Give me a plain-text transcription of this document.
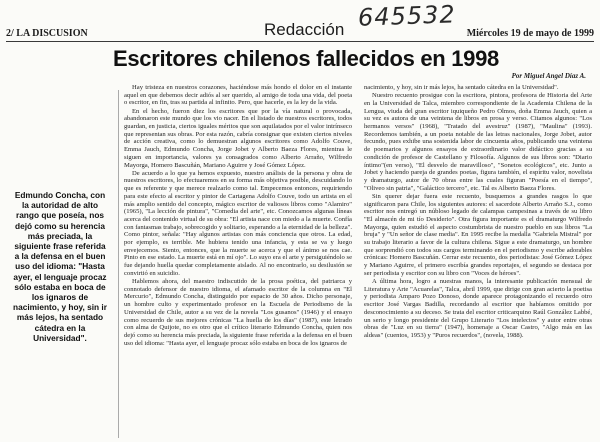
645532
2/ LA DISCUSION	Redacción	Miércoles 19 de mayo de 1999
Escritores chilenos fallecidos en 1998
Por Miguel Angel Díaz A.
Edmundo Concha, con la autoridad de alto rango que poseía, nos dejó como su herencia más preciada, la siguiente frase referida a la defensa en el buen uso del idioma: "Hasta ayer, el lenguaje procaz sólo estaba en boca de los ignaros de nacimiento, y hoy, sin ir más lejos, ha sentado cátedra en la Universidad".

Hay tristeza en nuestros corazones, haciéndose más hondo el dolor en el instante aquel en que debemos decir adiós al ser querido, al amigo de toda una vida, del poeta o escritor, en fin, tras su partida al infinito. Pero, que hacerle, es la ley de la vida.

En el hecho, fueron diez los escritores que por la vía natural o provocada, abandonaron este mundo que los vio nacer. En el listado de nuestros escritores, todos guardan, en justicia, ciertos iguales méritos que son aquilatados por el valor intrínseco que representan sus obras. Por esta razón, cabría consignar que existen ciertos niveles de acción creativa, como lo demuestran algunos escritores como Adolfo Couve, Emma Jauch, Edmundo Concha, Jorge Jobet y Alberto Baeza Flores, mientras le siguen en importancia, valores ya consagrados como Alberto Arraño, Wilfredo Mayorga, Homero Bascuñán, Mariano Aguirre y José Gómez López.

De acuerdo a lo que ya hemos expuesto, nuestro análisis de la persona y obra de nuestros escritores, lo efectuaremos en su forma más objetiva posible, descuidando lo que es referente y que merece realzarlo como tal. Empecemos entonces, requiriendo para este efecto al escritor y pintor de Cartagena Adolfo Couve, todo un artista en el más amplio sentido del concepto, mágico escritor de valiosos libros como "Alamiro" (1965), "La lección de pintura", "Comedia del arte", etc. Conozcamos algunas líneas acerca del contenido virtual de su obra: "El artista nace con miedo a la muerte. Confía con fantasmas trabajo, sobrecogido y solitario, esperando a la eternidad de la belleza". Como pintor, señala: "Hay algunos artistas con más conciencia que otros. La edad, por ejemplo, es terrible. Me hubiera tenido una infancia, y esta se va y luego envejecemos. Siento, entonces, que la muerte se acerca y que el ánimo se nos cae. Pinto en ese estado. La muerte está en mí ojo". Lo suyo era el arte y persiguiéndolo se fue dejando huella quedar completamente aislado. Al no encontrarlo, su desilusión se convirtió en suicidio.

Hablemos ahora, del maestro indiscutido de la prosa poética, del patriarca y connotado defensor de nuestro idioma, el afamado escritor de la columna en "El Mercurio", Edmundo Concha, distinguido por espacio de 30 años. Dicho personaje, un hombre culto y experimentado profesor en la Escuela de Periodismo de la Universidad de Chile, autor a su vez de la novela "Los gusanos" (1946) y el ensayo como recuerdo de sus mejores crónicas "La huella de los días" (1987), este letrado con alma de Quijote, no es otro que el crítico literario Edmundo Concha, quien nos dejó como su herencia más preciada, la siguiente frase referida a la defensa en el buen uso del idioma: "Hasta ayer, el lenguaje procaz sólo estaba en boca de los ignaros de

nacimiento, y hoy, sin ir más lejos, ha sentado cátedra en la Universidad".

Nuestro recuento prosigue con la escritora, pintora, profesora de Historia del Arte en la Universidad de Talca, miembro correspondiente de la Academia Chilena de la Lengua, viuda del gran escritor iquiqueño Pedro Olmos, doña Emma Jauch, quien a su vez es autora de una veintena de libros en prosa y verso. Citamos algunos: "Los hermanos versos" (1968), "Tratado del avestruz" (1987), "Maulina" (1993). Recordemos también, a un poeta notable de las letras nacionales, Jorge Jobet, autor fecundo, pues exhibe una sostenida labor de cincuenta años, publicando una veintena de poemarios y algunos ensayos de extraordinario valor didáctico gracias a su condición de profesor de Castellano y Filosofía. Algunos de sus libros son: "Diario íntimo"(en verso), "El desvelo de maravilloso", "Sonetos ecológicos", etc. Junto a Jobet y haciendo pareja de grandes poetas, figura también, el espíritu valor, novelista y dramaturgo, autor de 70 obras entre las cuales figuran "Poesía en el tiempo", "Oliveo sin patria", "Galáctico tercero", etc. Tal es Alberto Baeza Flores.

Sin querer dejar fuera este recuento, busquemos a grandes rasgos lo que significaron para Chile, los siguientes autores: el sacerdote Alberto Arraño S.J., como escritor nos entregó un núbloso legado de calampas campesinas a través de su libro "El almacén de mi tío Desiderio". Otra figura importante es el dramaturgo Wilfredo Mayorga, quien estudió el aspecto costumbrista de nuestro pueblo en sus libros "La bruja" y "Un señor de clase media". En 1995 recibe la medalla "Gabriela Mistral" por su trabajo literario a favor de la cultura chilena. Sigue a este dramaturgo, un hombre que sorprendió con todos sus cargos terminando en el periodismo y escribe adorables crónicas: Homero Bascuñán. Cerrar este recuento, dos periodistas: José Gómez López y Mariano Aguirre, el primero escribía grandes reportajes, el segundo se destaca por ser periodista y escritor con su libro con "Voces de héroes".

A última hora, logro a nuestras manos, la interesante publicación mensual de Literatura y Arte "Acuarelas", Talca, abril 1999, que dirige con gran acierto la poetisa y periodista Amparo Pozo Donoso, donde aparece protagonizando el recuerdo otro escritor José Vargas Badilla, recordando al escritor que habíamos omitido por desconocimiento a su deceso. Se trata del escritor criticarquino Raúl González Labbé, un serio y longo presidente del Grupo Literario "Los intelectos" y autor entre otras obras de "Luz en su tierra" (1947), homenaje a Oscar Castro, "Algo más en las aldeas" (cuentos, 1953) y "Puros recuerdos", (novela, 1988).
